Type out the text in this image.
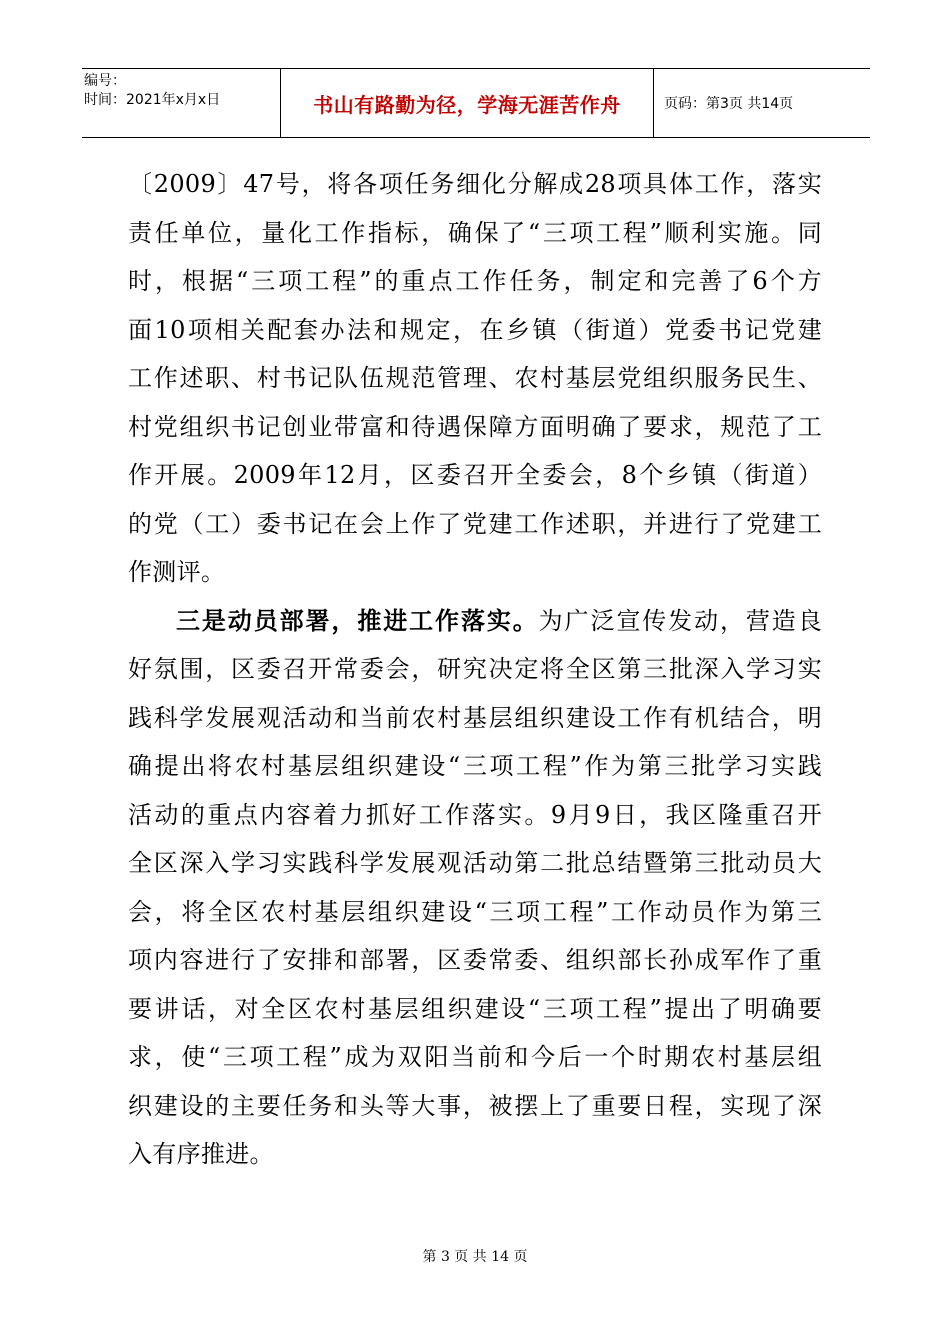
编号：
时间：2021年x月x日	书山有路勤为径，学海无涯苦作舟	页码：第3页 共14页
〔2009〕47号，将各项任务细化分解成28项具体工作，落实
责任单位，量化工作指标，确保了“三项工程”顺利实施。同
时，根据“三项工程”的重点工作任务，制定和完善了6个方
面10项相关配套办法和规定，在乡镇（街道）党委书记党建
工作述职、村书记队伍规范管理、农村基层党组织服务民生、
村党组织书记创业带富和待遇保障方面明确了要求，规范了工
作开展。2009年12月，区委召开全委会，8个乡镇（街道）
的党（工）委书记在会上作了党建工作述职，并进行了党建工
作测评。
三是动员部署，推进工作落实。为广泛宣传发动，营造良
好氛围，区委召开常委会，研究决定将全区第三批深入学习实
践科学发展观活动和当前农村基层组织建设工作有机结合，明
确提出将农村基层组织建设“三项工程”作为第三批学习实践
活动的重点内容着力抓好工作落实。9月9日，我区隆重召开
全区深入学习实践科学发展观活动第二批总结暨第三批动员大
会，将全区农村基层组织建设“三项工程”工作动员作为第三
项内容进行了安排和部署，区委常委、组织部长孙成军作了重
要讲话，对全区农村基层组织建设“三项工程”提出了明确要
求，使“三项工程”成为双阳当前和今后一个时期农村基层组
织建设的主要任务和头等大事，被摆上了重要日程，实现了深
入有序推进。
第 3 页 共 14 页
